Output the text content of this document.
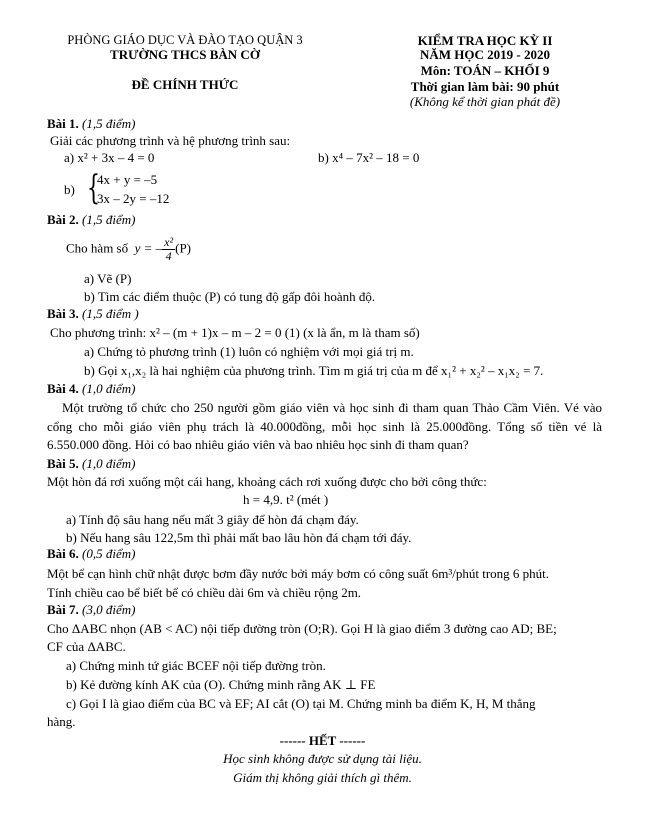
PHÒNG GIÁO DỤC VÀ ĐÀO TẠO QUẬN 3
TRƯỜNG THCS BÀN CỜ
ĐỀ CHÍNH THỨC
KIỂM TRA HỌC KỲ II
NĂM HỌC 2019 - 2020
Môn: TOÁN – KHỐI 9
Thời gian làm bài: 90 phút
(Không kể thời gian phát đề)
Bài 1. (1,5 điểm)
Giải các phương trình và hệ phương trình sau:
a) x² + 3x – 4 = 0	b) x⁴ – 7x² – 18 = 0
b) {
4x + y = –5
3x – 2y = –12
Bài 2. (1,5 điểm)
Cho hàm số y = – $\frac{\text{x²}}{4} (P)$
a) Vẽ (P)
b) Tìm các điểm thuộc (P) có tung độ gấp đôi hoành độ.
Bài 3. (1,5 điểm )
Cho phương trình: x² – (m + 1)x – m – 2 = 0 (1) (x là ẩn, m là tham số)
a) Chứng tỏ phương trình (1) luôn có nghiệm với mọi giá trị m.
b) Gọi x₁,x₂ là hai nghiệm của phương trình. Tìm m giá trị của m để x₁² + x₂² – x₁x₂ = 7.
Bài 4. (1,0 điểm)
Một trường tổ chức cho 250 người gồm giáo viên và học sinh đi tham quan Thảo Cầm Viên. Vé vào cổng cho mỗi giáo viên phụ trách là 40.000đồng, mỗi học sinh là 25.000đồng. Tổng số tiền vé là 6.550.000 đồng. Hỏi có bao nhiêu giáo viên và bao nhiêu học sinh đi tham quan?
Bài 5. (1,0 điểm)
Một hòn đá rơi xuống một cái hang, khoảng cách rơi xuống được cho bởi công thức:
h = 4,9. t² (mét )
a) Tính độ sâu hang nếu mất 3 giây để hòn đá chạm đáy.
b) Nếu hang sâu 122,5m thì phải mất bao lâu hòn đá chạm tới đáy.
Bài 6. (0,5 điểm)
Một bể cạn hình chữ nhật được bơm đầy nước bởi máy bơm có công suất 6m³/phút trong 6 phút.
Tính chiều cao bể biết bể có chiều dài 6m và chiều rộng 2m.
Bài 7. (3,0 điểm)
Cho ΔABC nhọn (AB < AC) nội tiếp đường tròn (O;R). Gọi H là giao điểm 3 đường cao AD; BE;
CF của ΔABC.
a) Chứng minh tứ giác BCEF nội tiếp đường tròn.
b) Kẻ đường kính AK của (O). Chứng minh rằng AK ⊥ FE
c) Gọi I là giao điểm của BC và EF; AI cắt (O) tại M. Chứng minh ba điểm K, H, M thẳng
hàng.
------ HẾT ------
Học sinh không được sử dụng tài liệu.
Giám thị không giải thích gì thêm.
